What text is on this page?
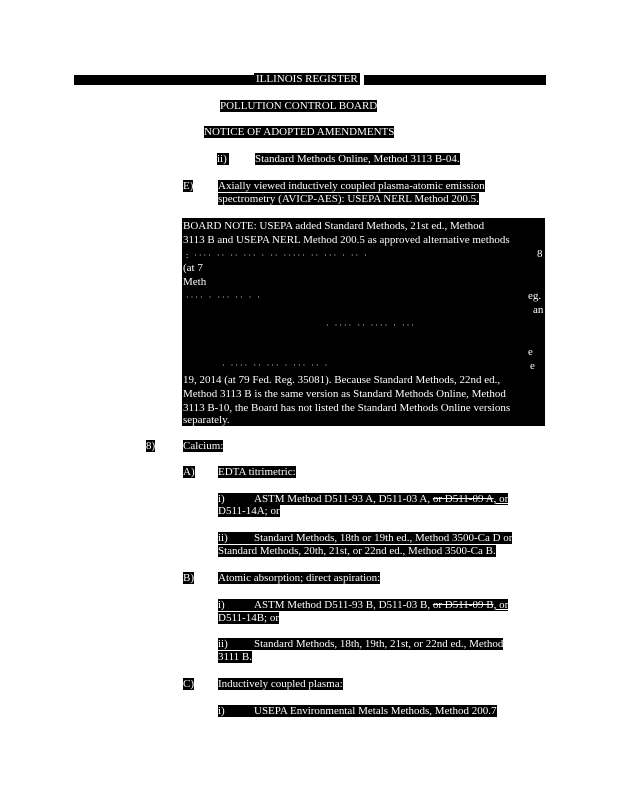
ILLINOIS REGISTER
POLLUTION CONTROL BOARD
NOTICE OF ADOPTED AMENDMENTS
ii)	Standard Methods Online, Method 3113 B-04.
E) Axially viewed inductively coupled plasma-atomic emission
spectrometry (AVICP-AES): USEPA NERL Method 200.5.
BOARD NOTE: USEPA added Standard Methods, 21st ed., Method
3113 B and USEPA NERL Method 200.5 as approved alternative methods
: ···· ·· ·· ··· · ·· ····· ·· ··· · ·· ·	8
(at 7
Meth
···· · ··· ·· · ·	eg.
an
· ···· ·· ···· · ···
e
· ···· ·· ··· · ··· ·· ·	e
19, 2014 (at 79 Fed. Reg. 35081). Because Standard Methods, 22nd ed.,
Method 3113 B is the same version as Standard Methods Online, Method
3113 B-10, the Board has not listed the Standard Methods Online versions
separately.
8)	Calcium:
A) EDTA titrimetric:
i)	ASTM Method D511-93 A, D511-03 A, or D511-09 A, or
D511-14A; or
ii)	Standard Methods, 18th or 19th ed., Method 3500-Ca D or
Standard Methods, 20th, 21st, or 22nd ed., Method 3500-Ca B.
B) Atomic absorption; direct aspiration:
i)	ASTM Method D511-93 B, D511-03 B, or D511-09 B, or
D511-14B; or
ii)	Standard Methods, 18th, 19th, 21st, or 22nd ed., Method
3111 B.
C) Inductively coupled plasma:
i)	USEPA Environmental Metals Methods, Method 200.7
